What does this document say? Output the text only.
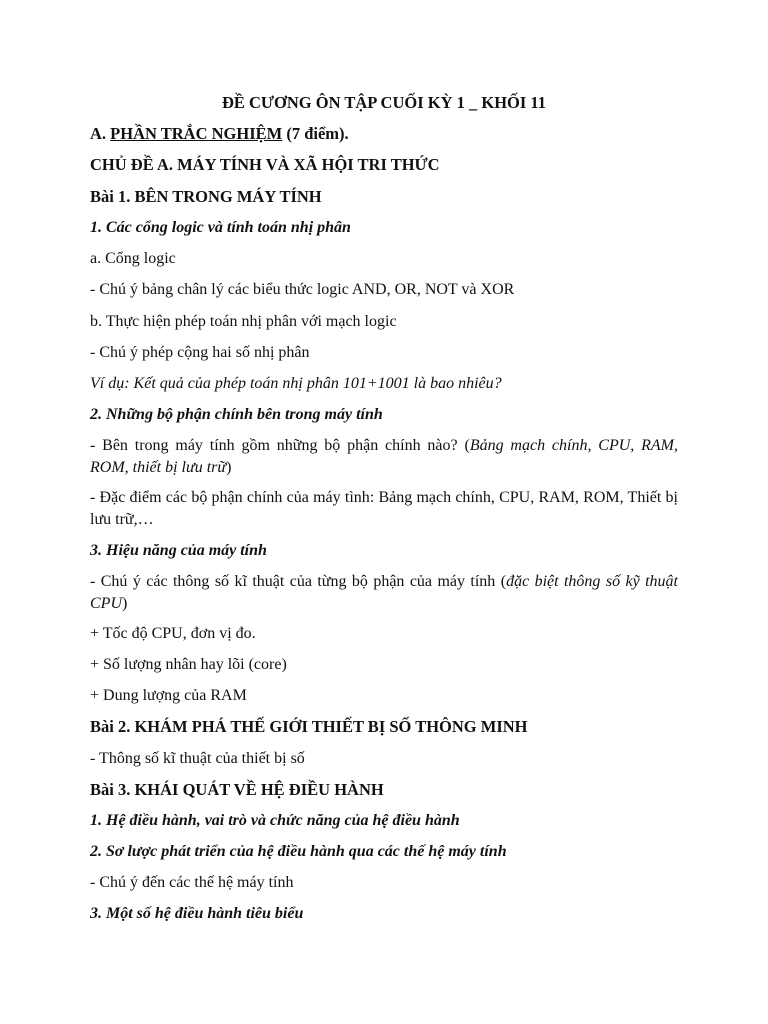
ĐỀ CƯƠNG ÔN TẬP CUỐI KỲ 1 _ KHỐI 11
A. PHẦN TRẮC NGHIỆM (7 điểm).
CHỦ ĐỀ A. MÁY TÍNH VÀ XÃ HỘI TRI THỨC
Bài 1. BÊN TRONG MÁY TÍNH
1. Các cổng logic và tính toán nhị phân
a. Cổng logic
- Chú ý bảng chân lý các biểu thức logic AND, OR, NOT và XOR
b. Thực hiện phép toán nhị phân với mạch logic
- Chú ý phép cộng hai số nhị phân
Ví dụ: Kết quả của phép toán nhị phân 101+1001 là bao nhiêu?
2. Những bộ phận chính bên trong máy tính
- Bên trong máy tính gồm những bộ phận chính nào? (Bảng mạch chính, CPU, RAM, ROM, thiết bị lưu trữ)
- Đặc điểm các bộ phận chính của máy tình: Bảng mạch chính, CPU, RAM, ROM, Thiết bị lưu trữ,…
3. Hiệu năng của máy tính
- Chú ý các thông số kĩ thuật của từng bộ phận của máy tính (đặc biệt thông số kỹ thuật CPU)
+ Tốc độ CPU, đơn vị đo.
+ Số lượng nhân hay lõi (core)
+ Dung lượng của RAM
Bài 2. KHÁM PHÁ THẾ GIỚI THIẾT BỊ SỐ THÔNG MINH
- Thông số kĩ thuật của thiết bị số
Bài 3. KHÁI QUÁT VỀ HỆ ĐIỀU HÀNH
1. Hệ điều hành, vai trò và chức năng của hệ điều hành
2. Sơ lược phát triển của hệ điều hành qua các thế hệ máy tính
- Chú ý đến các thế hệ máy tính
3. Một số hệ điều hành tiêu biểu
